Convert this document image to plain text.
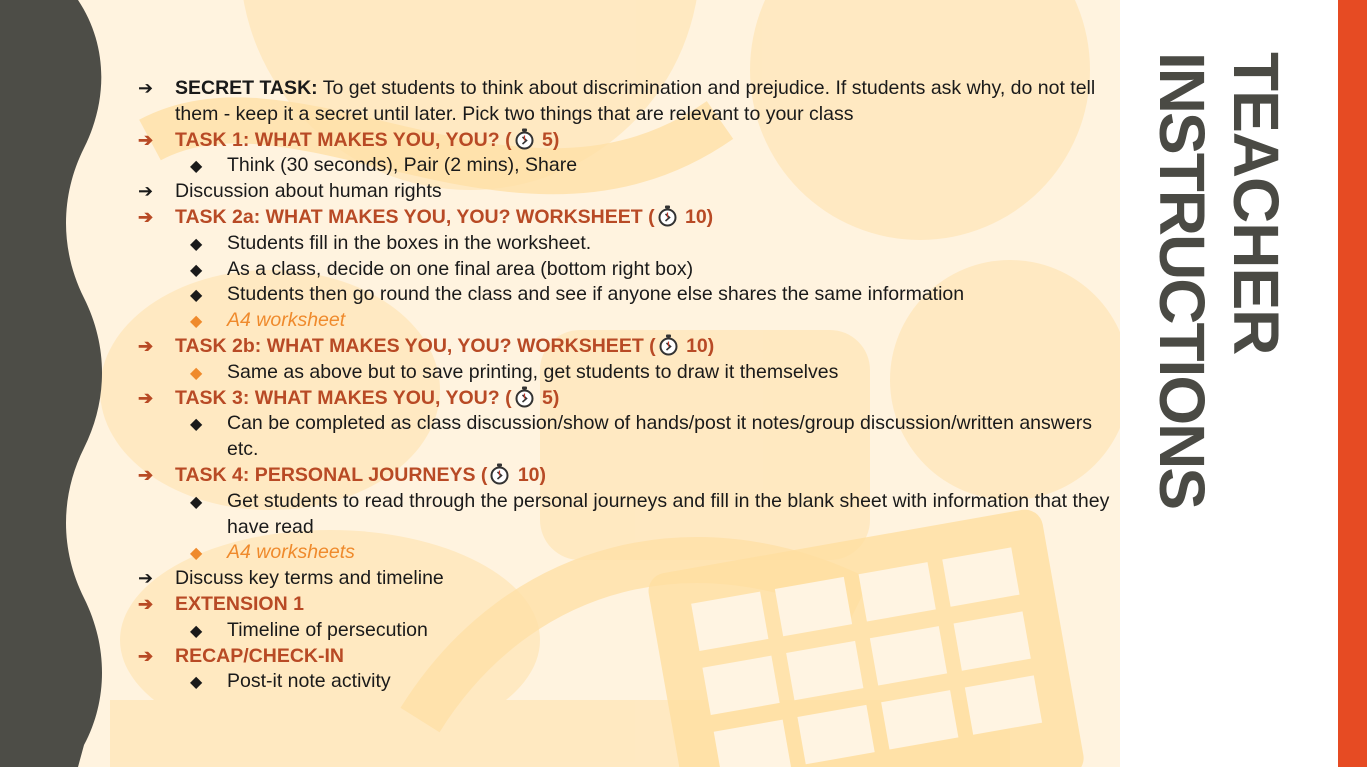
TEACHER
INSTRUCTIONS
➔	SECRET TASK: To get students to think about discrimination and prejudice. If students ask why, do not tell them - keep it a secret until later. Pick two things that are relevant to your class
➔	TASK 1: WHAT MAKES YOU, YOU? ( 5)
◆	Think (30 seconds), Pair (2 mins), Share
➔	Discussion about human rights
➔	TASK 2a: WHAT MAKES YOU, YOU? WORKSHEET ( 10)
◆	Students fill in the boxes in the worksheet.
◆	As a class, decide on one final area (bottom right box)
◆	Students then go round the class and see if anyone else shares the same information
◆	A4 worksheet
➔	TASK 2b: WHAT MAKES YOU, YOU? WORKSHEET ( 10)
◆	Same as above but to save printing, get students to draw it themselves
➔	TASK 3: WHAT MAKES YOU, YOU? ( 5)
◆	Can be completed as class discussion/show of hands/post it notes/group discussion/written answers etc.
➔	TASK 4: PERSONAL JOURNEYS ( 10)
◆	Get students to read through the personal journeys and fill in the blank sheet with information that they have read
◆	A4 worksheets
➔	Discuss key terms and timeline
➔	EXTENSION 1
◆	Timeline of persecution
➔	RECAP/CHECK-IN
◆	Post-it note activity
